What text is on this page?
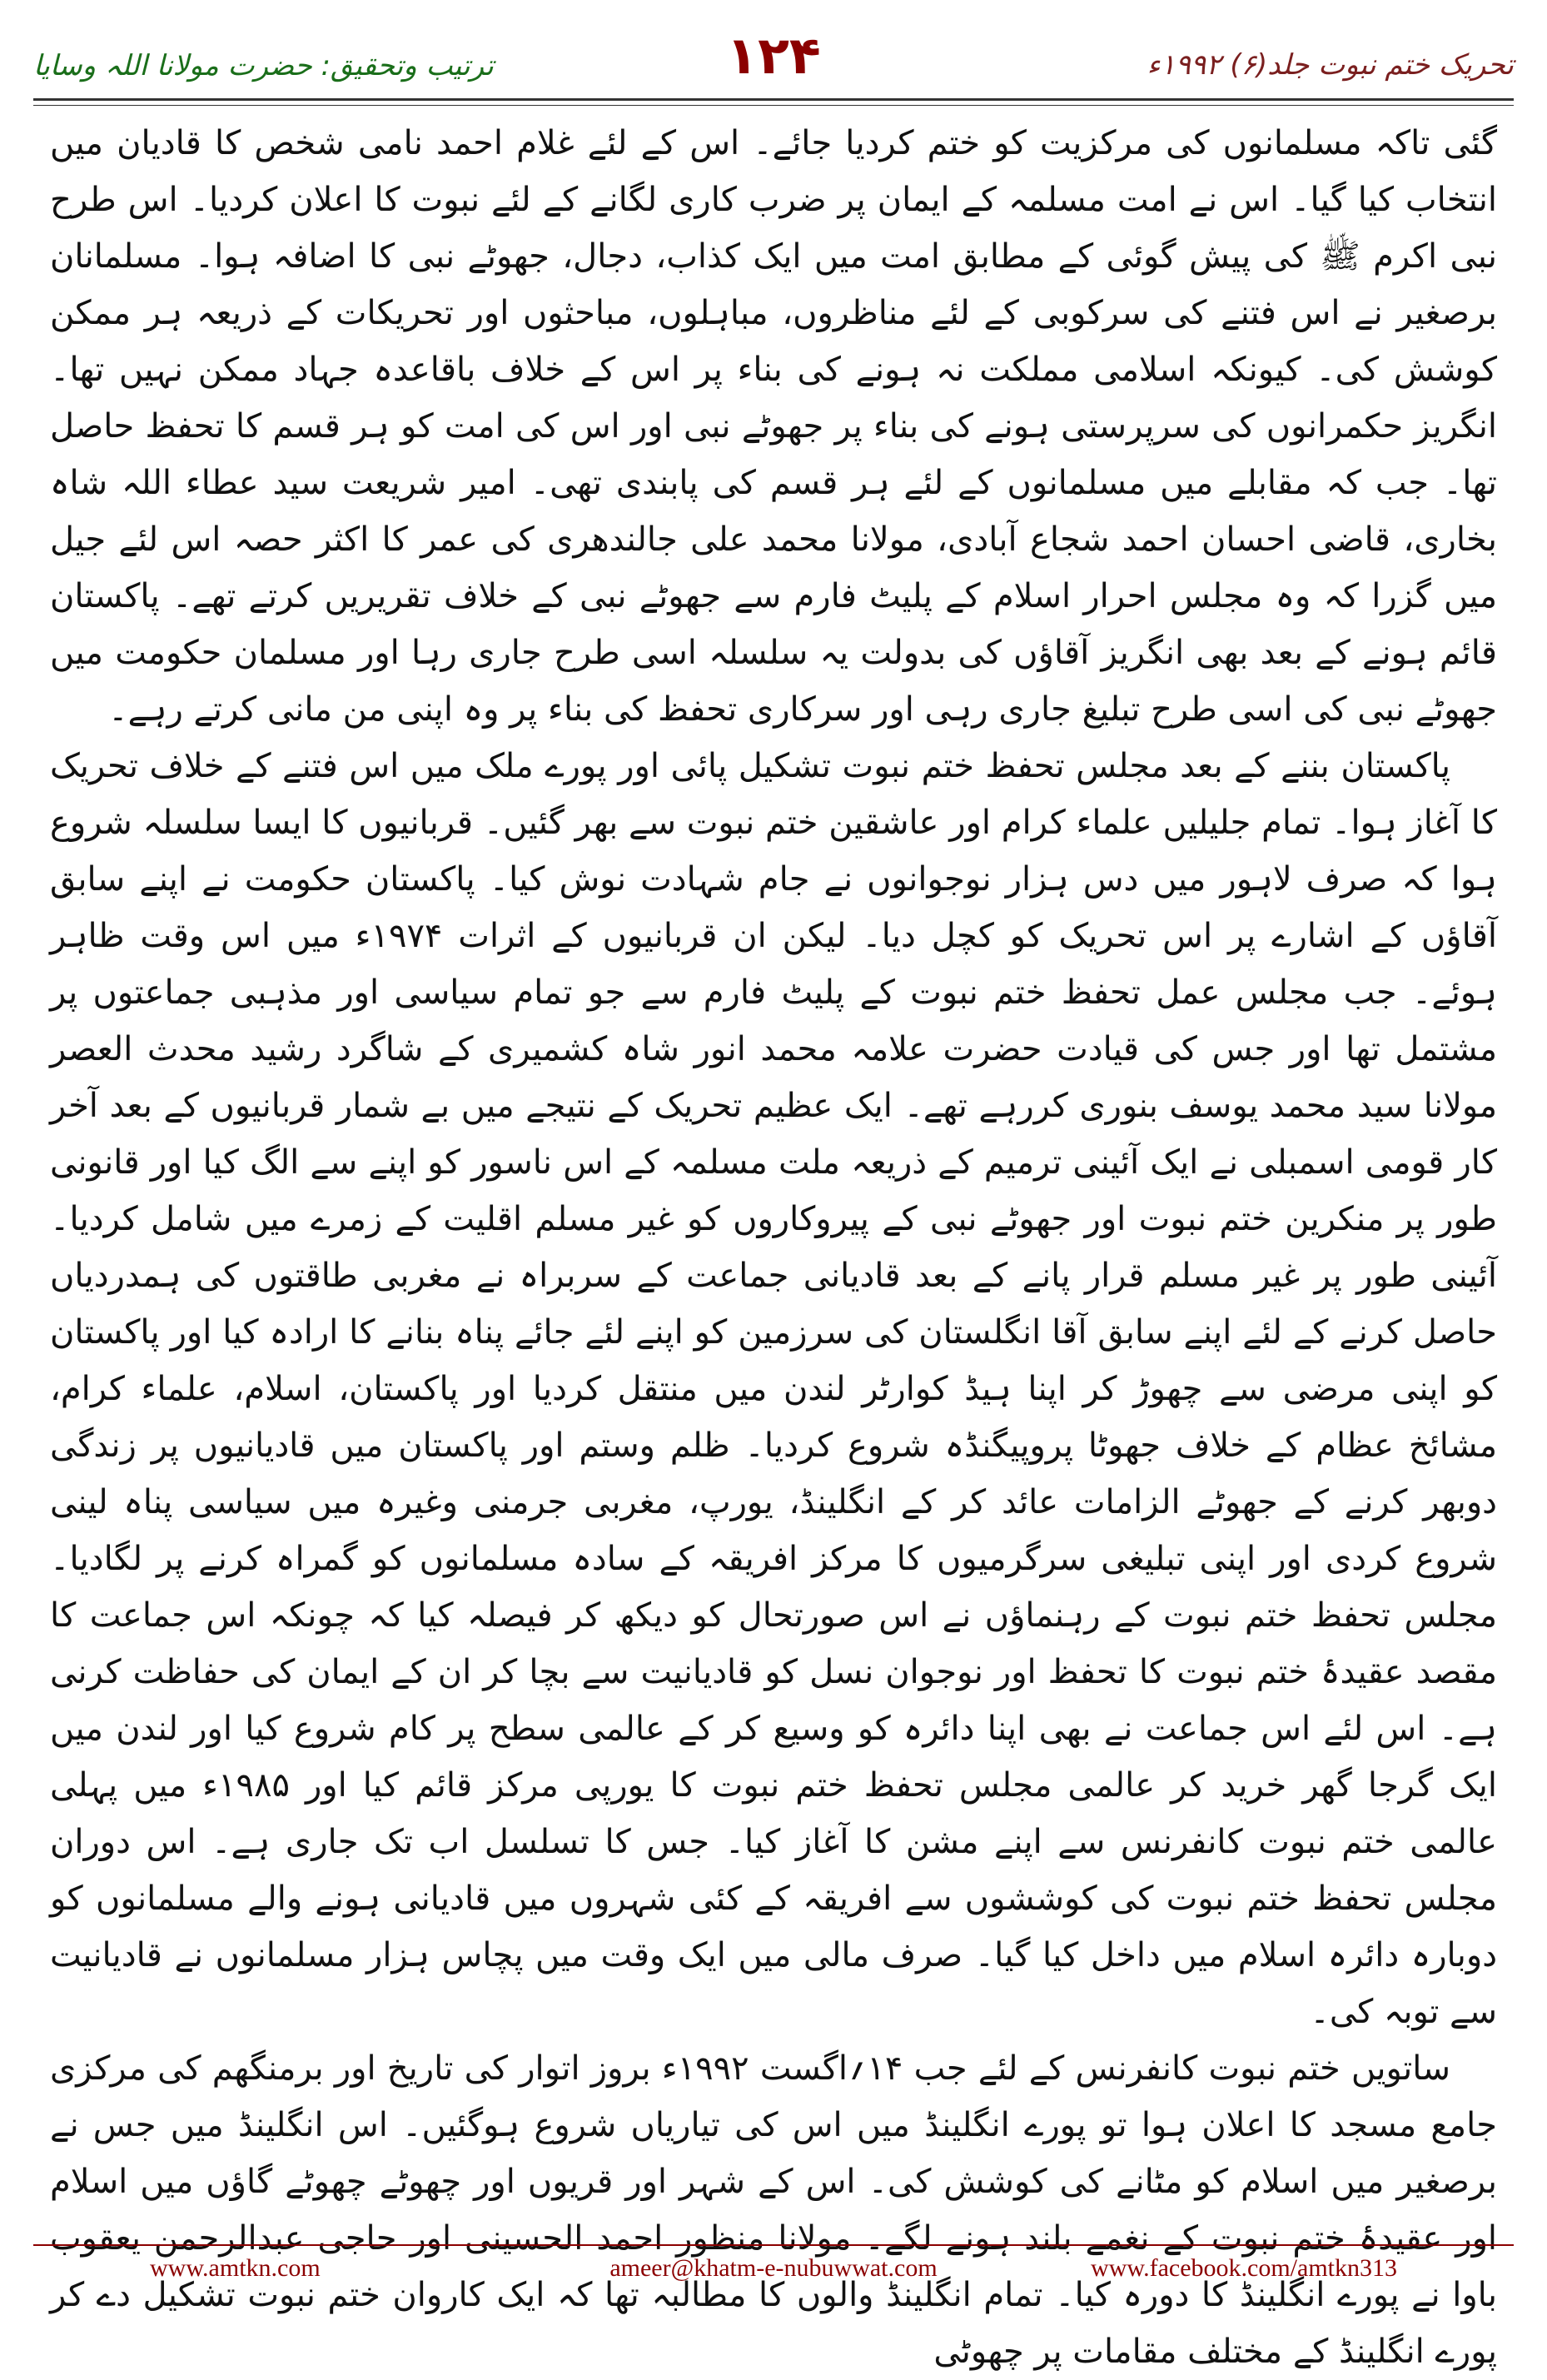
تحریک ختم نبوت جلد(۶) ۱۹۹۲ء
۱۲۴
ترتیب وتحقیق: حضرت مولانا اللہ وسایا

گئی تاکہ مسلمانوں کی مرکزیت کو ختم کردیا جائے۔ اس کے لئے غلام احمد نامی شخص کا قادیان میں انتخاب کیا گیا۔ اس نے امت مسلمہ کے ایمان پر ضرب کاری لگانے کے لئے نبوت کا اعلان کردیا۔ اس طرح نبی اکرم ﷺ کی پیش گوئی کے مطابق امت میں ایک کذاب، دجال، جھوٹے نبی کا اضافہ ہوا۔ مسلمانان برصغیر نے اس فتنے کی سرکوبی کے لئے مناظروں، مباہلوں، مباحثوں اور تحریکات کے ذریعہ ہر ممکن کوشش کی۔ کیونکہ اسلامی مملکت نہ ہونے کی بناء پر اس کے خلاف باقاعدہ جہاد ممکن نہیں تھا۔ انگریز حکمرانوں کی سرپرستی ہونے کی بناء پر جھوٹے نبی اور اس کی امت کو ہر قسم کا تحفظ حاصل تھا۔ جب کہ مقابلے میں مسلمانوں کے لئے ہر قسم کی پابندی تھی۔ امیر شریعت سید عطاء اللہ شاہ بخاری، قاضی احسان احمد شجاع آبادی، مولانا محمد علی جالندھری کی عمر کا اکثر حصہ اس لئے جیل میں گزرا کہ وہ مجلس احرار اسلام کے پلیٹ فارم سے جھوٹے نبی کے خلاف تقریریں کرتے تھے۔ پاکستان قائم ہونے کے بعد بھی انگریز آقاؤں کی بدولت یہ سلسلہ اسی طرح جاری رہا اور مسلمان حکومت میں جھوٹے نبی کی اسی طرح تبلیغ جاری رہی اور سرکاری تحفظ کی بناء پر وہ اپنی من مانی کرتے رہے۔

پاکستان بننے کے بعد مجلس تحفظ ختم نبوت تشکیل پائی اور پورے ملک میں اس فتنے کے خلاف تحریک کا آغاز ہوا۔ تمام جلیلیں علماء کرام اور عاشقین ختم نبوت سے بھر گئیں۔ قربانیوں کا ایسا سلسلہ شروع ہوا کہ صرف لاہور میں دس ہزار نوجوانوں نے جام شہادت نوش کیا۔ پاکستان حکومت نے اپنے سابق آقاؤں کے اشارے پر اس تحریک کو کچل دیا۔ لیکن ان قربانیوں کے اثرات ۱۹۷۴ء میں اس وقت ظاہر ہوئے۔ جب مجلس عمل تحفظ ختم نبوت کے پلیٹ فارم سے جو تمام سیاسی اور مذہبی جماعتوں پر مشتمل تھا اور جس کی قیادت حضرت علامہ محمد انور شاہ کشمیری کے شاگرد رشید محدث العصر مولانا سید محمد یوسف بنوری کررہے تھے۔ ایک عظیم تحریک کے نتیجے میں بے شمار قربانیوں کے بعد آخر کار قومی اسمبلی نے ایک آئینی ترمیم کے ذریعہ ملت مسلمہ کے اس ناسور کو اپنے سے الگ کیا اور قانونی طور پر منکرین ختم نبوت اور جھوٹے نبی کے پیروکاروں کو غیر مسلم اقلیت کے زمرے میں شامل کردیا۔ آئینی طور پر غیر مسلم قرار پانے کے بعد قادیانی جماعت کے سربراہ نے مغربی طاقتوں کی ہمدردیاں حاصل کرنے کے لئے اپنے سابق آقا انگلستان کی سرزمین کو اپنے لئے جائے پناہ بنانے کا ارادہ کیا اور پاکستان کو اپنی مرضی سے چھوڑ کر اپنا ہیڈ کوارٹر لندن میں منتقل کردیا اور پاکستان، اسلام، علماء کرام، مشائخ عظام کے خلاف جھوٹا پروپیگنڈہ شروع کردیا۔ ظلم وستم اور پاکستان میں قادیانیوں پر زندگی دوبھر کرنے کے جھوٹے الزامات عائد کر کے انگلینڈ، یورپ، مغربی جرمنی وغیرہ میں سیاسی پناہ لینی شروع کردی اور اپنی تبلیغی سرگرمیوں کا مرکز افریقہ کے سادہ مسلمانوں کو گمراہ کرنے پر لگادیا۔ مجلس تحفظ ختم نبوت کے رہنماؤں نے اس صورتحال کو دیکھ کر فیصلہ کیا کہ چونکہ اس جماعت کا مقصد عقیدۂ ختم نبوت کا تحفظ اور نوجوان نسل کو قادیانیت سے بچا کر ان کے ایمان کی حفاظت کرنی ہے۔ اس لئے اس جماعت نے بھی اپنا دائرہ کو وسیع کر کے عالمی سطح پر کام شروع کیا اور لندن میں ایک گرجا گھر خرید کر عالمی مجلس تحفظ ختم نبوت کا یورپی مرکز قائم کیا اور ۱۹۸۵ء میں پہلی عالمی ختم نبوت کانفرنس سے اپنے مشن کا آغاز کیا۔ جس کا تسلسل اب تک جاری ہے۔ اس دوران مجلس تحفظ ختم نبوت کی کوششوں سے افریقہ کے کئی شہروں میں قادیانی ہونے والے مسلمانوں کو دوبارہ دائرہ اسلام میں داخل کیا گیا۔ صرف مالی میں ایک وقت میں پچاس ہزار مسلمانوں نے قادیانیت سے توبہ کی۔

ساتویں ختم نبوت کانفرنس کے لئے جب ۱۴؍اگست ۱۹۹۲ء بروز اتوار کی تاریخ اور برمنگھم کی مرکزی جامع مسجد کا اعلان ہوا تو پورے انگلینڈ میں اس کی تیاریاں شروع ہوگئیں۔ اس انگلینڈ میں جس نے برصغیر میں اسلام کو مٹانے کی کوشش کی۔ اس کے شہر اور قریوں اور چھوٹے چھوٹے گاؤں میں اسلام اور عقیدۂ ختم نبوت کے نغمے بلند ہونے لگے۔ مولانا منظور احمد الحسینی اور حاجی عبدالرحمن یعقوب باوا نے پورے انگلینڈ کا دورہ کیا۔ تمام انگلینڈ والوں کا مطالبہ تھا کہ ایک کاروان ختم نبوت تشکیل دے کر پورے انگلینڈ کے مختلف مقامات پر چھوٹی

www.amtkn.com	ameer@khatm-e-nubuwwat.com	www.facebook.com/amtkn313
